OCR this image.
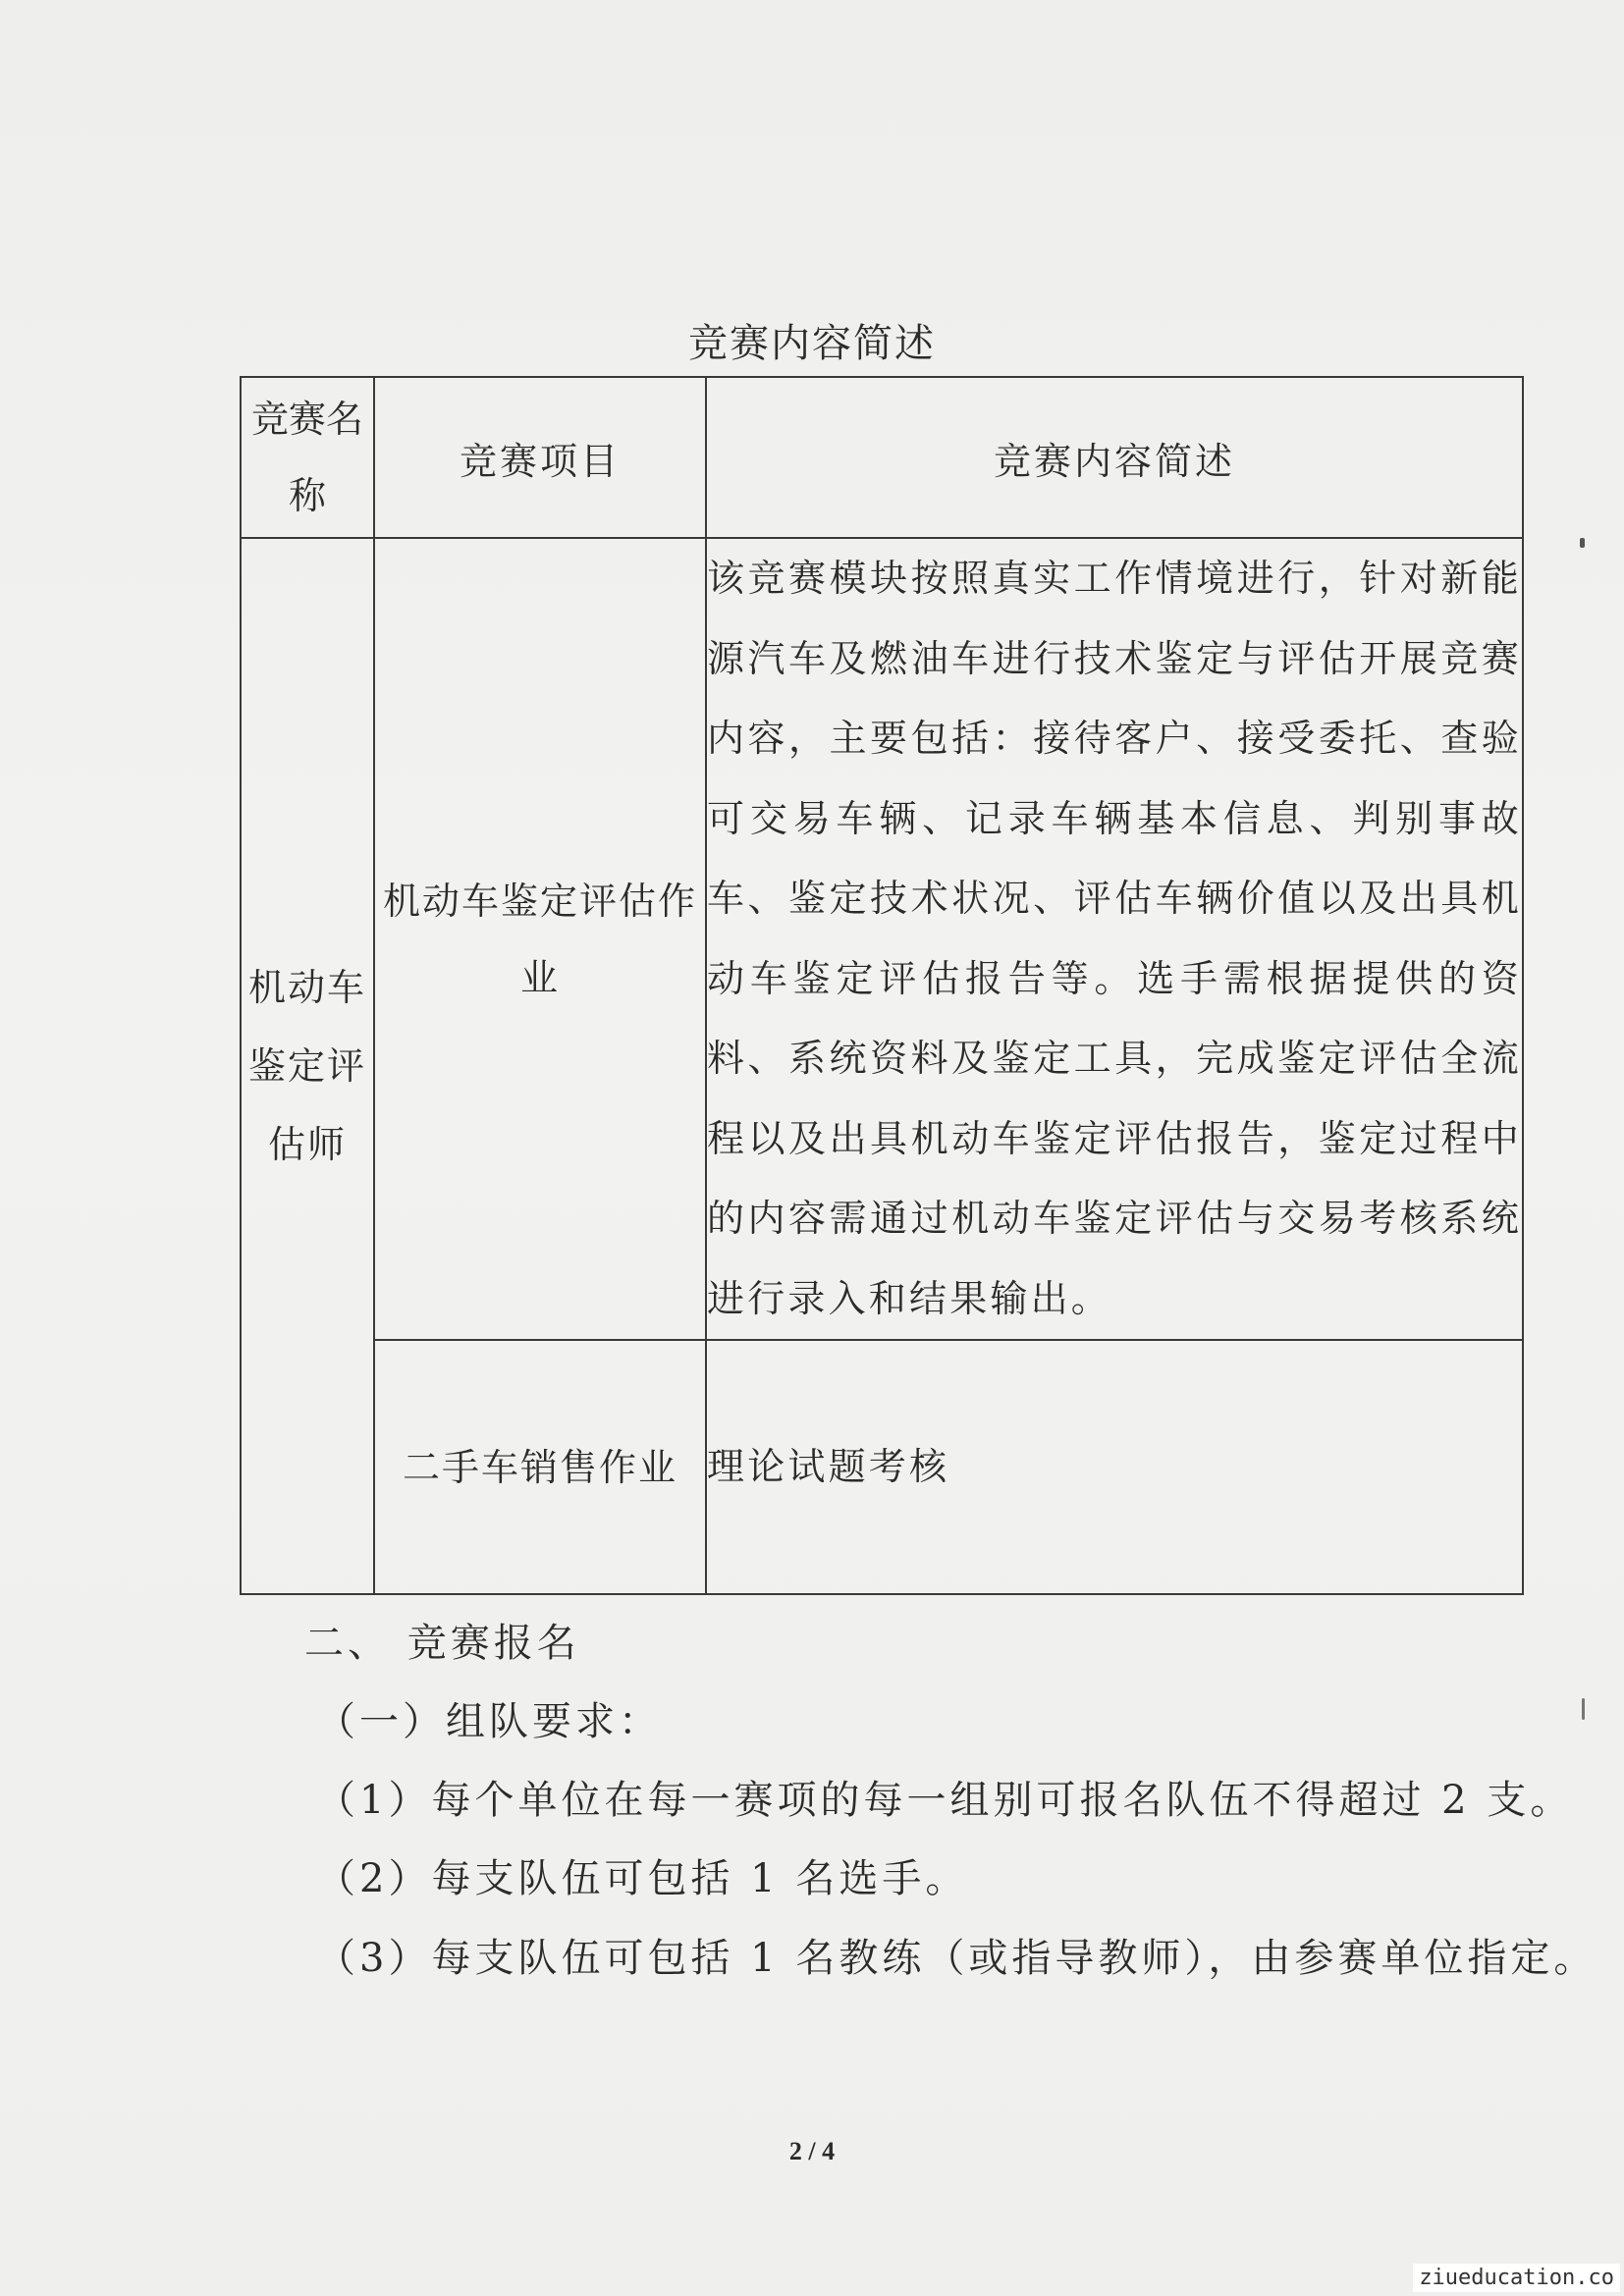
竞赛内容简述
竞赛名称	竞赛项目	竞赛内容简述
机动车鉴定评估师	机动车鉴定评估作业	该竞赛模块按照真实工作情境进行，针对新能源汽车及燃油车进行技术鉴定与评估开展竞赛内容，主要包括：接待客户、接受委托、查验可交易车辆、记录车辆基本信息、判别事故车、鉴定技术状况、评估车辆价值以及出具机动车鉴定评估报告等。选手需根据提供的资料、系统资料及鉴定工具，完成鉴定评估全流程以及出具机动车鉴定评估报告，鉴定过程中的内容需通过机动车鉴定评估与交易考核系统进行录入和结果输出。
	二手车销售作业	理论试题考核
二、 竞赛报名
（一）组队要求：
（1）每个单位在每一赛项的每一组别可报名队伍不得超过 2 支。
（2）每支队伍可包括 1 名选手。
（3）每支队伍可包括 1 名教练（或指导教师），由参赛单位指定。
2 / 4
ziueducation.co
